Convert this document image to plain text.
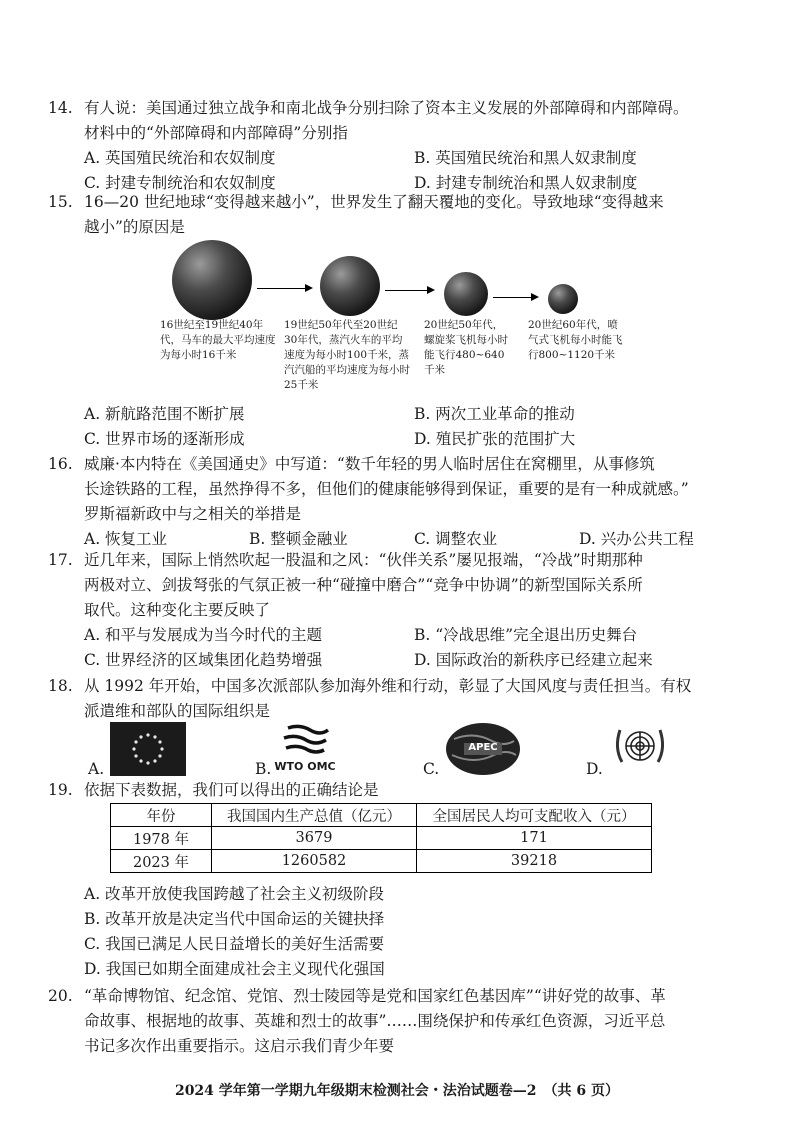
14. 有人说：美国通过独立战争和南北战争分别扫除了资本主义发展的外部障碍和内部障碍。
材料中的“外部障碍和内部障碍”分别指
A. 英国殖民统治和农奴制度	B. 英国殖民统治和黑人奴隶制度
C. 封建专制统治和农奴制度	D. 封建专制统治和黑人奴隶制度
15. 16—20 世纪地球“变得越来越小”，世界发生了翻天覆地的变化。导致地球“变得越来
越小”的原因是
16世纪至19世纪40年代，马车的最大平均速度为每小时16千米
19世纪50年代至20世纪30年代，蒸汽火车的平均速度为每小时100千米，蒸汽汽船的平均速度为每小时25千米
20世纪50年代，螺旋桨飞机每小时能飞行480~640千米
20世纪60年代，喷气式飞机每小时能飞行800~1120千米
A. 新航路范围不断扩展	B. 两次工业革命的推动
C. 世界市场的逐渐形成	D. 殖民扩张的范围扩大
16. 威廉·本内特在《美国通史》中写道：“数千年轻的男人临时居住在窝棚里，从事修筑
长途铁路的工程，虽然挣得不多，但他们的健康能够得到保证，重要的是有一种成就感。”
罗斯福新政中与之相关的举措是
A. 恢复工业	B. 整顿金融业	C. 调整农业	D. 兴办公共工程
17. 近几年来，国际上悄然吹起一股温和之风：“伙伴关系”屡见报端，“冷战”时期那种
两极对立、剑拔弩张的气氛正被一种“碰撞中磨合”“竞争中协调”的新型国际关系所
取代。这种变化主要反映了
A. 和平与发展成为当今时代的主题	B. “冷战思维”完全退出历史舞台
C. 世界经济的区域集团化趋势增强	D. 国际政治的新秩序已经建立起来
18. 从 1992 年开始，中国多次派部队参加海外维和行动，彰显了大国风度与责任担当。有权
派遣维和部队的国际组织是
A.	B. WTO OMC	C.
APEC
D.
19. 依据下表数据，我们可以得出的正确结论是
年份	我国国内生产总值（亿元）	全国居民人均可支配收入（元）
1978 年	3679	171
2023 年	1260582	39218
A. 改革开放使我国跨越了社会主义初级阶段
B. 改革开放是决定当代中国命运的关键抉择
C. 我国已满足人民日益增长的美好生活需要
D. 我国已如期全面建成社会主义现代化强国
20. “革命博物馆、纪念馆、党馆、烈士陵园等是党和国家红色基因库”“讲好党的故事、革
命故事、根据地的故事、英雄和烈士的故事”……围绕保护和传承红色资源，习近平总
书记多次作出重要指示。这启示我们青少年要
2024 学年第一学期九年级期末检测社会・法治试题卷—2　（共 6 页）
